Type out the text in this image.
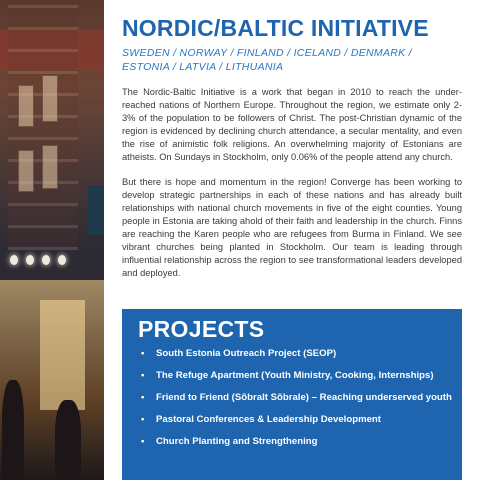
NORDIC/BALTIC INITIATIVE

SWEDEN / NORWAY / FINLAND / ICELAND / DENMARK /
ESTONIA / LATVIA / LITHUANIA

The Nordic-Baltic Initiative is a work that began in 2010 to reach the under-reached nations of Northern Europe. Throughout the region, we estimate only 2-3% of the population to be followers of Christ. The post-Christian dynamic of the region is evidenced by declining church attendance, a secular mentality, and even the rise of animistic folk religions. An overwhelming majority of Estonians are atheists. On Sundays in Stockholm, only 0.06% of the people attend any church.

But there is hope and momentum in the region! Converge has been working to develop strategic partnerships in each of these nations and has already built relationships with national church movements in five of the eight counties. Young people in Estonia are taking ahold of their faith and leadership in the church. Finns are reaching the Karen people who are refugees from Burma in Finland. We see vibrant churches being planted in Stockholm. Our team is leading through influential relationship across the region to see transformational leaders developed and deployed.

PROJECTS
• South Estonia Outreach Project (SEOP)
• The Refuge Apartment (Youth Ministry, Cooking, Internships)
• Friend to Friend (Sõbralt Sõbrale) – Reaching underserved youth
• Pastoral Conferences & Leadership Development
• Church Planting and Strengthening
